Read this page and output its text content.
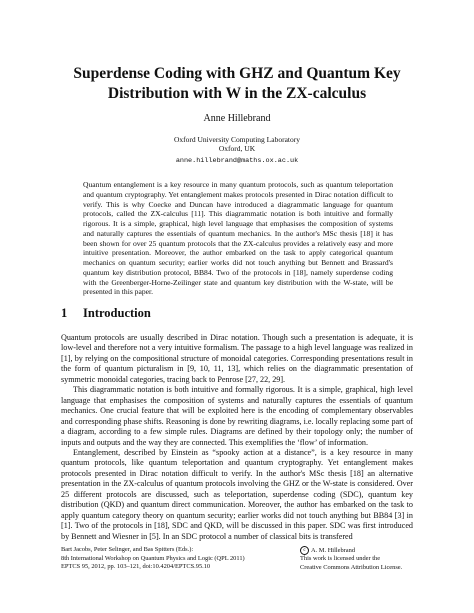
Superdense Coding with GHZ and Quantum Key
Distribution with W in the ZX-calculus
Anne Hillebrand
Oxford University Computing Laboratory
Oxford, UK
anne.hillebrand@maths.ox.ac.uk

Quantum entanglement is a key resource in many quantum protocols, such as quantum teleportation and quantum cryptography. Yet entanglement makes protocols presented in Dirac notation difficult to verify. This is why Coecke and Duncan have introduced a diagrammatic language for quantum protocols, called the ZX-calculus [11]. This diagrammatic notation is both intuitive and formally rigorous. It is a simple, graphical, high level language that emphasises the composition of systems and naturally captures the essentials of quantum mechanics. In the author's MSc thesis [18] it has been shown for over 25 quantum protocols that the ZX-calculus provides a relatively easy and more intuitive presentation. Moreover, the author embarked on the task to apply categorical quantum mechanics on quantum security; earlier works did not touch anything but Bennett and Brassard's quantum key distribution protocol, BB84. Two of the protocols in [18], namely superdense coding with the Greenberger-Horne-Zeilinger state and quantum key distribution with the W-state, will be presented in this paper.

1 Introduction

Quantum protocols are usually described in Dirac notation. Though such a presentation is adequate, it is low-level and therefore not a very intuitive formalism. The passage to a high level language was realized in [1], by relying on the compositional structure of monoidal categories. Corresponding presentations result in the form of quantum picturalism in [9, 10, 11, 13], which relies on the diagrammatic presentation of symmetric monoidal categories, tracing back to Penrose [27, 22, 29].

This diagrammatic notation is both intuitive and formally rigorous. It is a simple, graphical, high level language that emphasises the composition of systems and naturally captures the essentials of quantum mechanics. One crucial feature that will be exploited here is the encoding of complementary observables and corresponding phase shifts. Reasoning is done by rewriting diagrams, i.e. locally replacing some part of a diagram, according to a few simple rules. Diagrams are defined by their topology only; the number of inputs and outputs and the way they are connected. This exemplifies the ‘flow’ of information.

Entanglement, described by Einstein as “spooky action at a distance”, is a key resource in many quantum protocols, like quantum teleportation and quantum cryptography. Yet entanglement makes protocols presented in Dirac notation difficult to verify. In the author's MSc thesis [18] an alternative presentation in the ZX-calculus of quantum protocols involving the GHZ or the W-state is considered. Over 25 different protocols are discussed, such as teleportation, superdense coding (SDC), quantum key distribution (QKD) and quantum direct communication. Moreover, the author has embarked on the task to apply quantum category theory on quantum security; earlier works did not touch anything but BB84 [3] in [1]. Two of the protocols in [18], SDC and QKD, will be discussed in this paper. SDC was first introduced by Bennett and Wiesner in [5]. In an SDC protocol a number of classical bits is transfered

Bart Jacobs, Peter Selinger, and Bas Spitters (Eds.):
8th International Workshop on Quantum Physics and Logic (QPL 2011)
EPTCS 95, 2012, pp. 103–121, doi:10.4204/EPTCS.95.10
cA. M. Hillebrand
This work is licensed under the
Creative Commons Attribution License.
